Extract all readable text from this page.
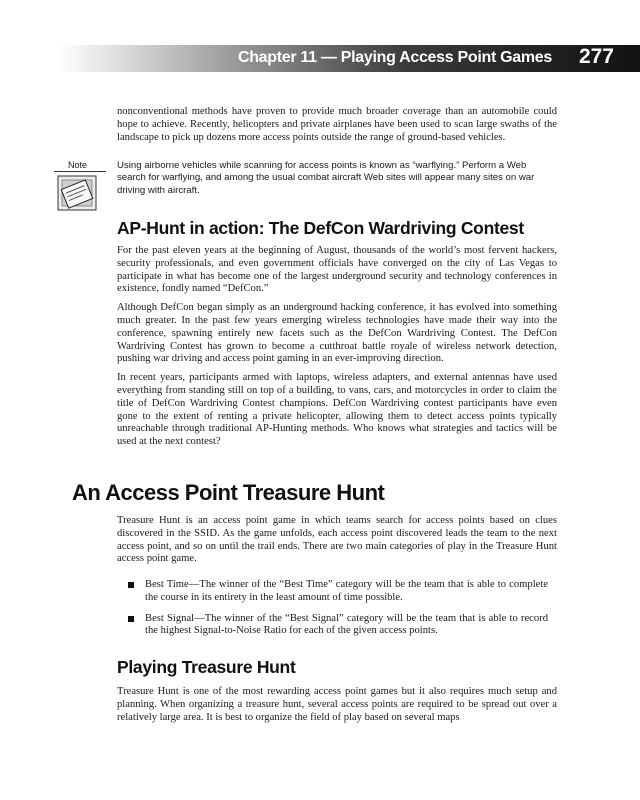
Chapter 11 — Playing Access Point Games 277

nonconventional methods have proven to provide much broader coverage than an automobile could hope to achieve. Recently, helicopters and private airplanes have been used to scan large swaths of the landscape to pick up dozens more access points outside the range of ground-based vehicles.

Note	Using airborne vehicles while scanning for access points is known as “warflying.” Perform a Web search for warflying, and among the usual combat aircraft Web sites will appear many sites on war driving with aircraft.

AP-Hunt in action: The DefCon Wardriving Contest

For the past eleven years at the beginning of August, thousands of the world’s most fervent hackers, security professionals, and even government officials have converged on the city of Las Vegas to participate in what has become one of the largest underground security and technology conferences in existence, fondly named “DefCon.”

Although DefCon began simply as an underground hacking conference, it has evolved into something much greater. In the past few years emerging wireless technologies have made their way into the conference, spawning entirely new facets such as the DefCon Wardriving Contest. The DefCon Wardriving Contest has grown to become a cutthroat battle royale of wireless network detection, pushing war driving and access point gaming in an ever-improving direction.

In recent years, participants armed with laptops, wireless adapters, and external antennas have used everything from standing still on top of a building, to vans, cars, and motorcycles in order to claim the title of DefCon Wardriving Contest champions. DefCon Wardriving contest participants have even gone to the extent of renting a private helicopter, allowing them to detect access points typically unreachable through traditional AP-Hunting methods. Who knows what strategies and tactics will be used at the next contest?

An Access Point Treasure Hunt

Treasure Hunt is an access point game in which teams search for access points based on clues discovered in the SSID. As the game unfolds, each access point discovered leads the team to the next access point, and so on until the trail ends. There are two main categories of play in the Treasure Hunt access point game.

Best Time—The winner of the “Best Time” category will be the team that is able to complete the course in its entirety in the least amount of time possible.
Best Signal—The winner of the “Best Signal” category will be the team that is able to record the highest Signal-to-Noise Ratio for each of the given access points.
Playing Treasure Hunt

Treasure Hunt is one of the most rewarding access point games but it also requires much setup and planning. When organizing a treasure hunt, several access points are required to be spread out over a relatively large area. It is best to organize the field of play based on several maps
